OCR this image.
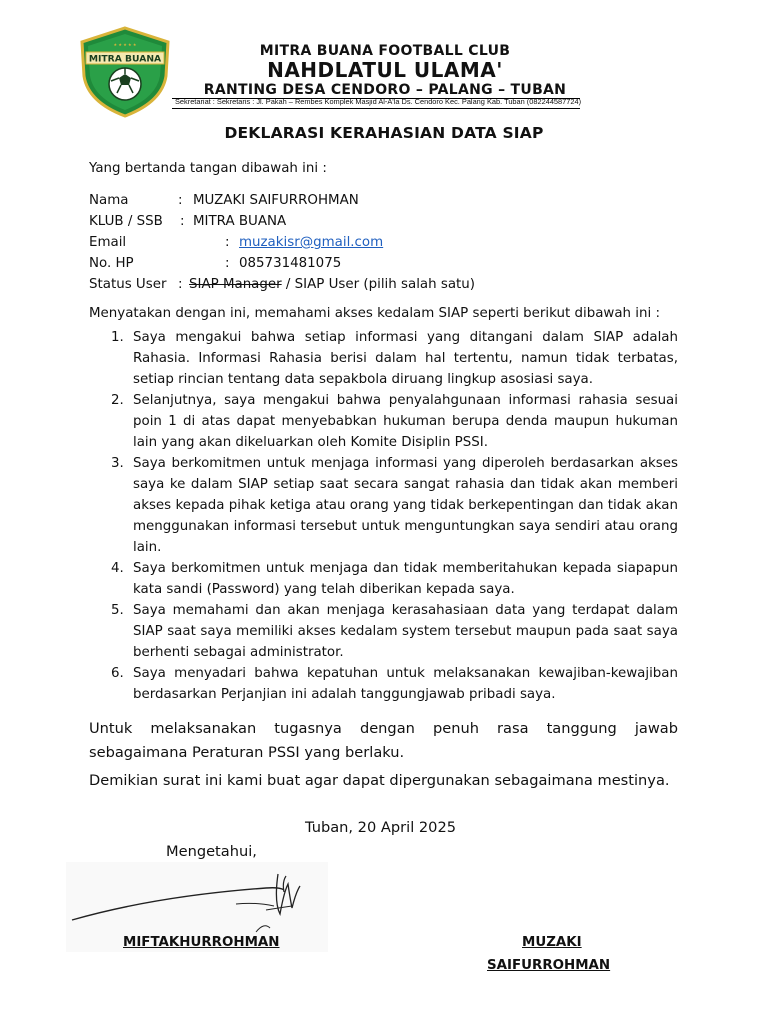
MITRA BUANA
★ ★ ★ ★ ★	MITRA BUANA FOOTBALL CLUB
NAHDLATUL ULAMA'
RANTING DESA CENDORO – PALANG – TUBAN
Sekretariat : Sekretaris : Jl. Pakah – Rembes Komplek Masjid Al-A'la Ds. Cendoro Kec. Palang Kab. Tuban (082244587724)
DEKLARASI KERAHASIAN DATA SIAP
Yang bertanda tangan dibawah ini :
Nama	: MUZAKI SAIFURROHMAN
KLUB / SSB : MITRA BUANA
Email	: muzakisr@gmail.com
No. HP	: 085731481075
Status User : SIAP Manager / SIAP User (pilih salah satu)
Menyatakan dengan ini, memahami akses kedalam SIAP seperti berikut dibawah ini :
1. Saya mengakui bahwa setiap informasi yang ditangani dalam SIAP adalah Rahasia. Informasi Rahasia berisi dalam hal tertentu, namun tidak terbatas, setiap rincian tentang data sepakbola diruang lingkup asosiasi saya.
2. Selanjutnya, saya mengakui bahwa penyalahgunaan informasi rahasia sesuai poin 1 di atas dapat menyebabkan hukuman berupa denda maupun hukuman lain yang akan dikeluarkan oleh Komite Disiplin PSSI.
3. Saya berkomitmen untuk menjaga informasi yang diperoleh berdasarkan akses saya ke dalam SIAP setiap saat secara sangat rahasia dan tidak akan memberi akses kepada pihak ketiga atau orang yang tidak berkepentingan dan tidak akan menggunakan informasi tersebut untuk menguntungkan saya sendiri atau orang lain.
4. Saya berkomitmen untuk menjaga dan tidak memberitahukan kepada siapapun kata sandi (Password) yang telah diberikan kepada saya.
5. Saya memahami dan akan menjaga kerasahasiaan data yang terdapat dalam SIAP saat saya memiliki akses kedalam system tersebut maupun pada saat saya berhenti sebagai administrator.
6. Saya menyadari bahwa kepatuhan untuk melaksanakan kewajiban-kewajiban berdasarkan Perjanjian ini adalah tanggungjawab pribadi saya.
Untuk melaksanakan tugasnya dengan penuh rasa tanggung jawab sebagaimana Peraturan PSSI yang berlaku.
Demikian surat ini kami buat agar dapat dipergunakan sebagaimana mestinya.
Tuban, 20 April 2025
Mengetahui,
MIFTAKHURROHMAN	MUZAKI
SAIFURROHMAN
